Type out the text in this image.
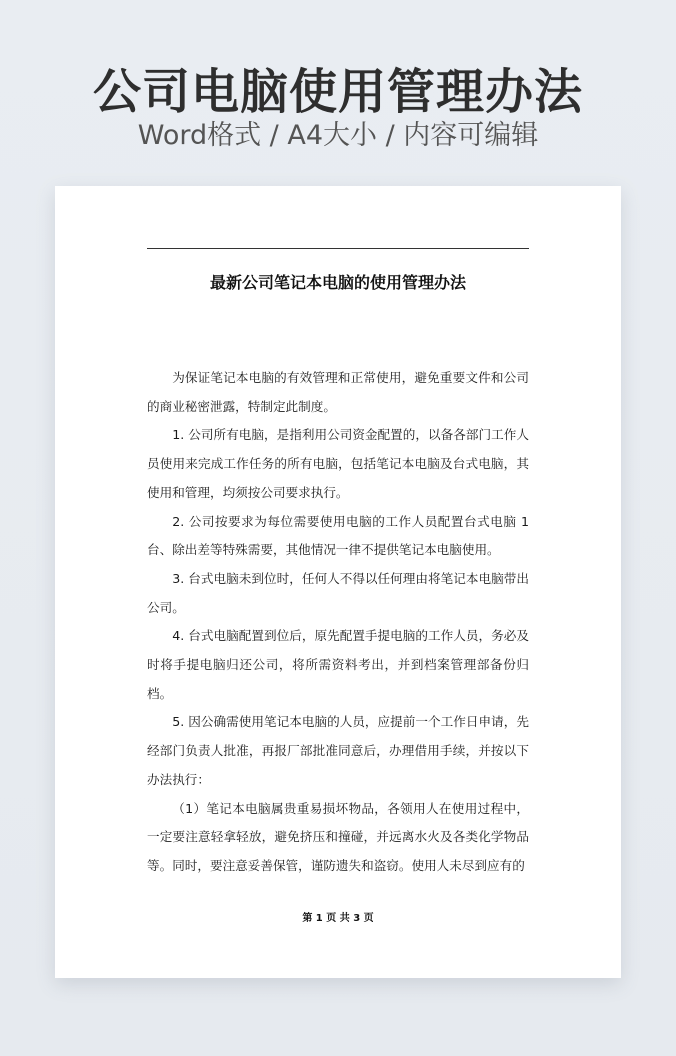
公司电脑使用管理办法
Word格式 / A4大小 / 内容可编辑
最新公司笔记本电脑的使用管理办法

为保证笔记本电脑的有效管理和正常使用，避免重要文件和公司的商业秘密泄露，特制定此制度。

1. 公司所有电脑，是指利用公司资金配置的，以备各部门工作人员使用来完成工作任务的所有电脑，包括笔记本电脑及台式电脑，其使用和管理，均须按公司要求执行。

2. 公司按要求为每位需要使用电脑的工作人员配置台式电脑 1 台、除出差等特殊需要，其他情况一律不提供笔记本电脑使用。

3. 台式电脑未到位时，任何人不得以任何理由将笔记本电脑带出公司。

4. 台式电脑配置到位后，原先配置手提电脑的工作人员，务必及时将手提电脑归还公司，将所需资料考出，并到档案管理部备份归档。

5. 因公确需使用笔记本电脑的人员，应提前一个工作日申请，先经部门负责人批准，再报厂部批准同意后，办理借用手续，并按以下办法执行：

（1）笔记本电脑属贵重易损坏物品，各领用人在使用过程中，一定要注意轻拿轻放，避免挤压和撞碰，并远离水火及各类化学物品等。同时，要注意妥善保管，谨防遗失和盗窃。使用人未尽到应有的

第 1 页 共 3 页
